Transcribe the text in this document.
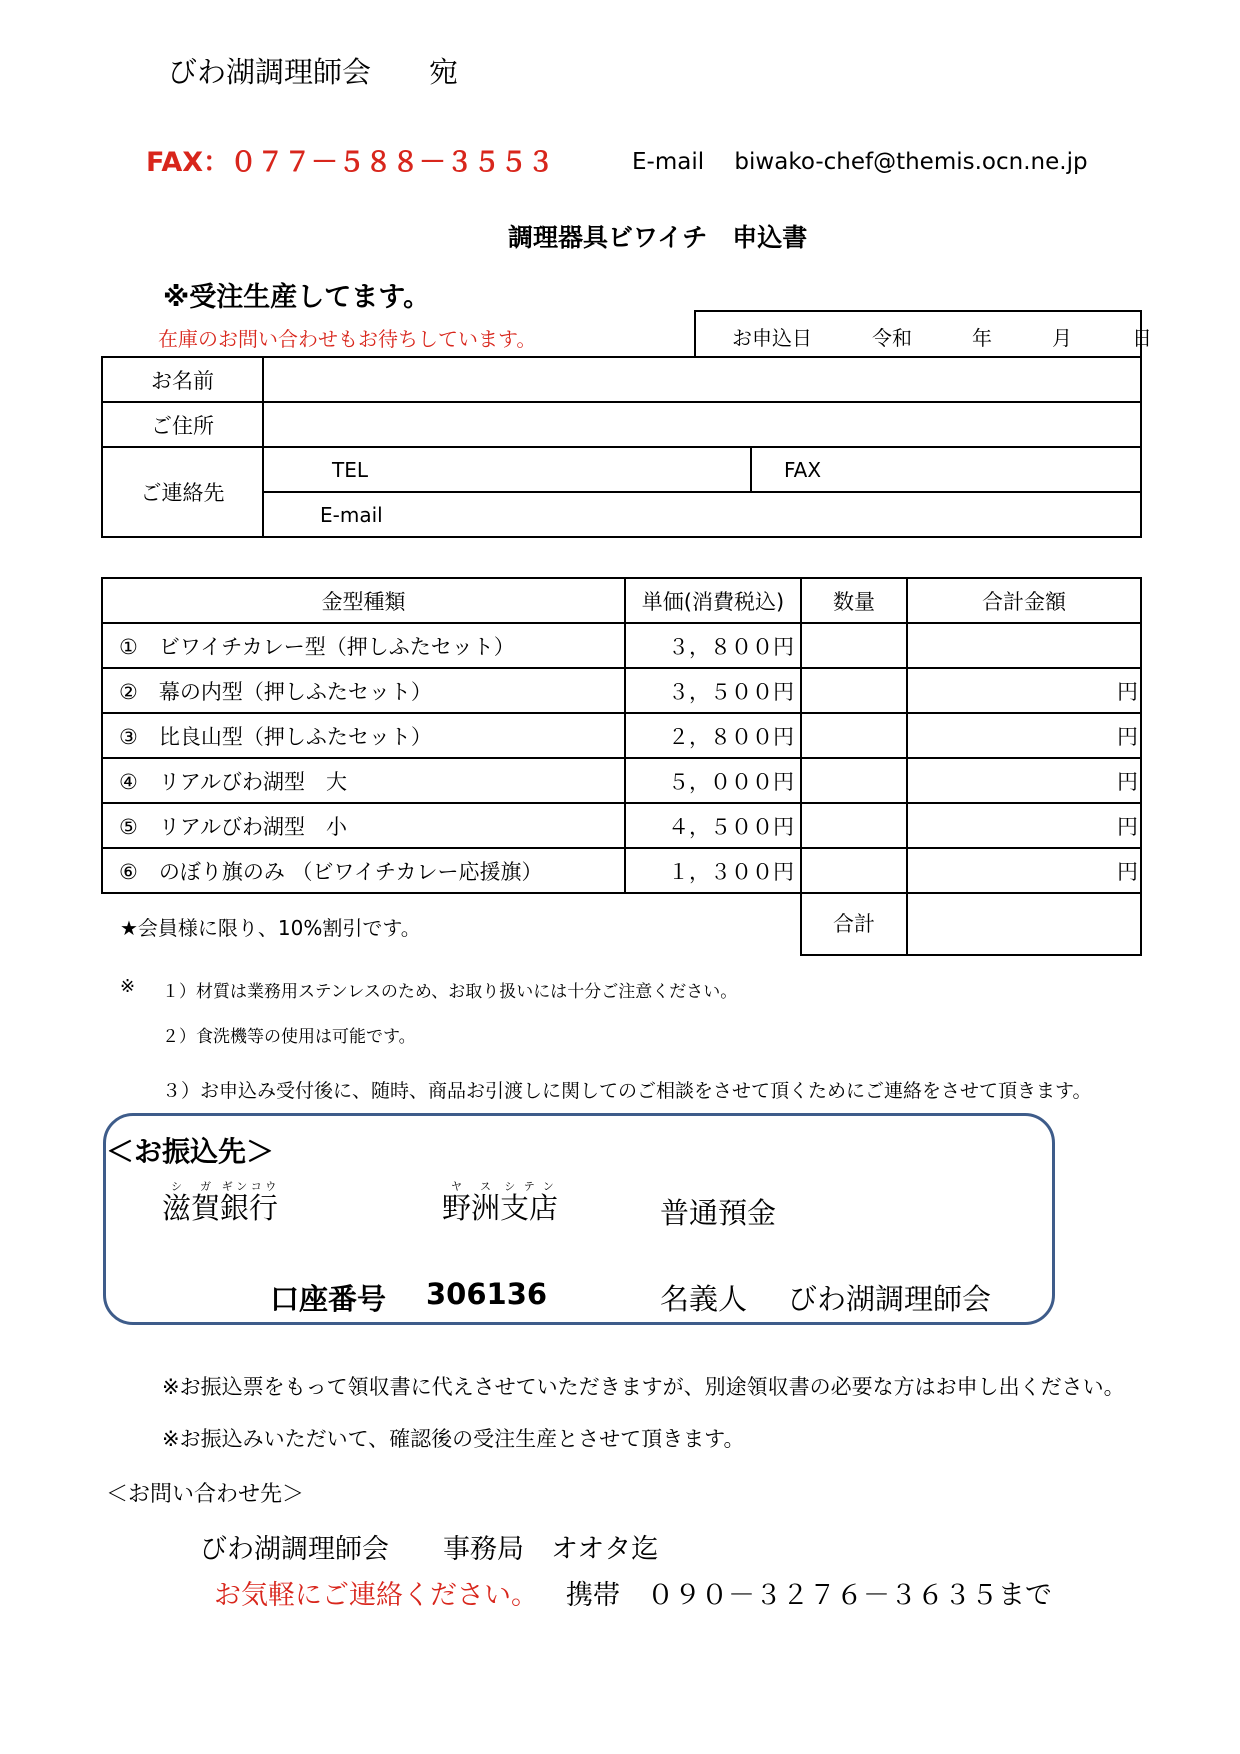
びわ湖調理師会　　宛
FAX：０７７－５８８－３５５３	E-mail　 biwako-chef@themis.ocn.ne.jp
調理器具ビワイチ　申込書
※受注生産してます。
在庫のお問い合わせもお待ちしています。	お申込日　　　令和　　　年　　　月　　　日
お名前		
ご住所		
ご連絡先	TEL	FAX
	E-mail	
金型種類	単価(消費税込)	数量	合計金額
①　ビワイチカレー型（押しふたセット）	３，８００円		
②　幕の内型（押しふたセット）	３，５００円		円
③　比良山型（押しふたセット）	２，８００円		円
④　リアルびわ湖型　大	５，０００円		円
⑤　リアルびわ湖型　小	４，５００円		円
⑥　のぼり旗のみ （ビワイチカレー応援旗）	１，３００円		円
★会員様に限り、10%割引です。	合計	
※ １）材質は業務用ステンレスのため、お取り扱いには十分ご注意ください。
２）食洗機等の使用は可能です。
３）お申込み受付後に、随時、商品お引渡しに関してのご相談をさせて頂くためにご連絡をさせて頂きます。
＜お振込先＞
滋賀シガ銀行ギンコウ
野洲ヤス支店シテン
普通預金
口座番号 306136	名義人 びわ湖調理師会
※お振込票をもって領収書に代えさせていただきますが、別途領収書の必要な方はお申し出ください。
※お振込みいただいて、確認後の受注生産とさせて頂きます。
＜お問い合わせ先＞
びわ湖調理師会　　事務局　オオタ迄
お気軽にご連絡ください。 携帯　０９０－３２７６－３６３５まで
